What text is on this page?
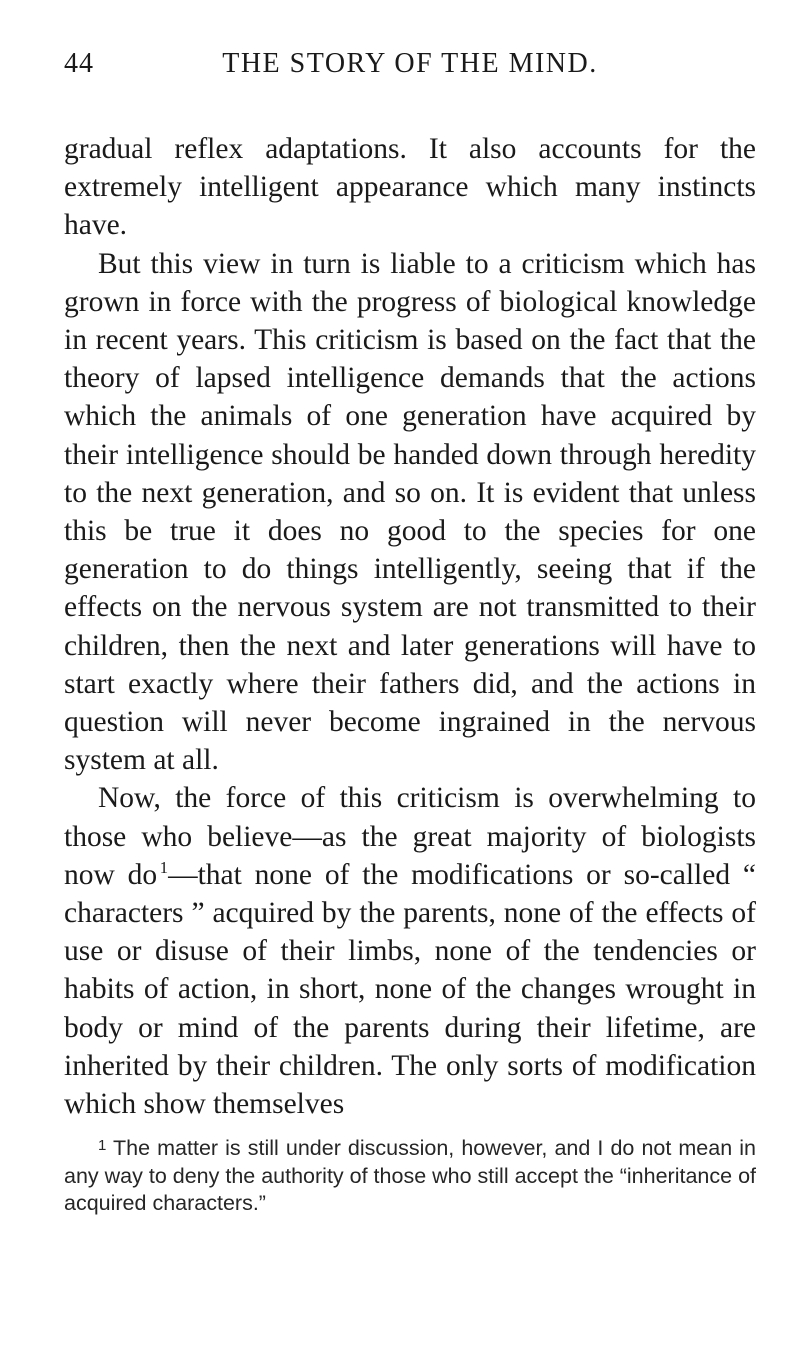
44	THE STORY OF THE MIND.

gradual reflex adaptations. It also accounts for the extremely intelligent appearance which many instincts have.

But this view in turn is liable to a criticism which has grown in force with the progress of biological knowledge in recent years. This criticism is based on the fact that the theory of lapsed intelligence demands that the actions which the animals of one generation have acquired by their intelligence should be handed down through heredity to the next generation, and so on. It is evident that unless this be true it does no good to the species for one generation to do things intelligently, seeing that if the effects on the nervous system are not transmitted to their children, then the next and later generations will have to start exactly where their fathers did, and the actions in question will never become ingrained in the nervous system at all.

Now, the force of this criticism is overwhelming to those who believe—as the great majority of biologists now do  $^1$—that none of the modifications or so-called “ characters ” acquired by the parents, none of the effects of use or disuse of their limbs, none of the tendencies or habits of action, in short, none of the changes wrought in body or mind of the parents during their lifetime, are inherited by their children. The only sorts of modification which show themselves

$^1$ The matter is still under discussion, however, and I do not mean in any way to deny the authority of those who still accept the “inheritance of acquired characters.”
